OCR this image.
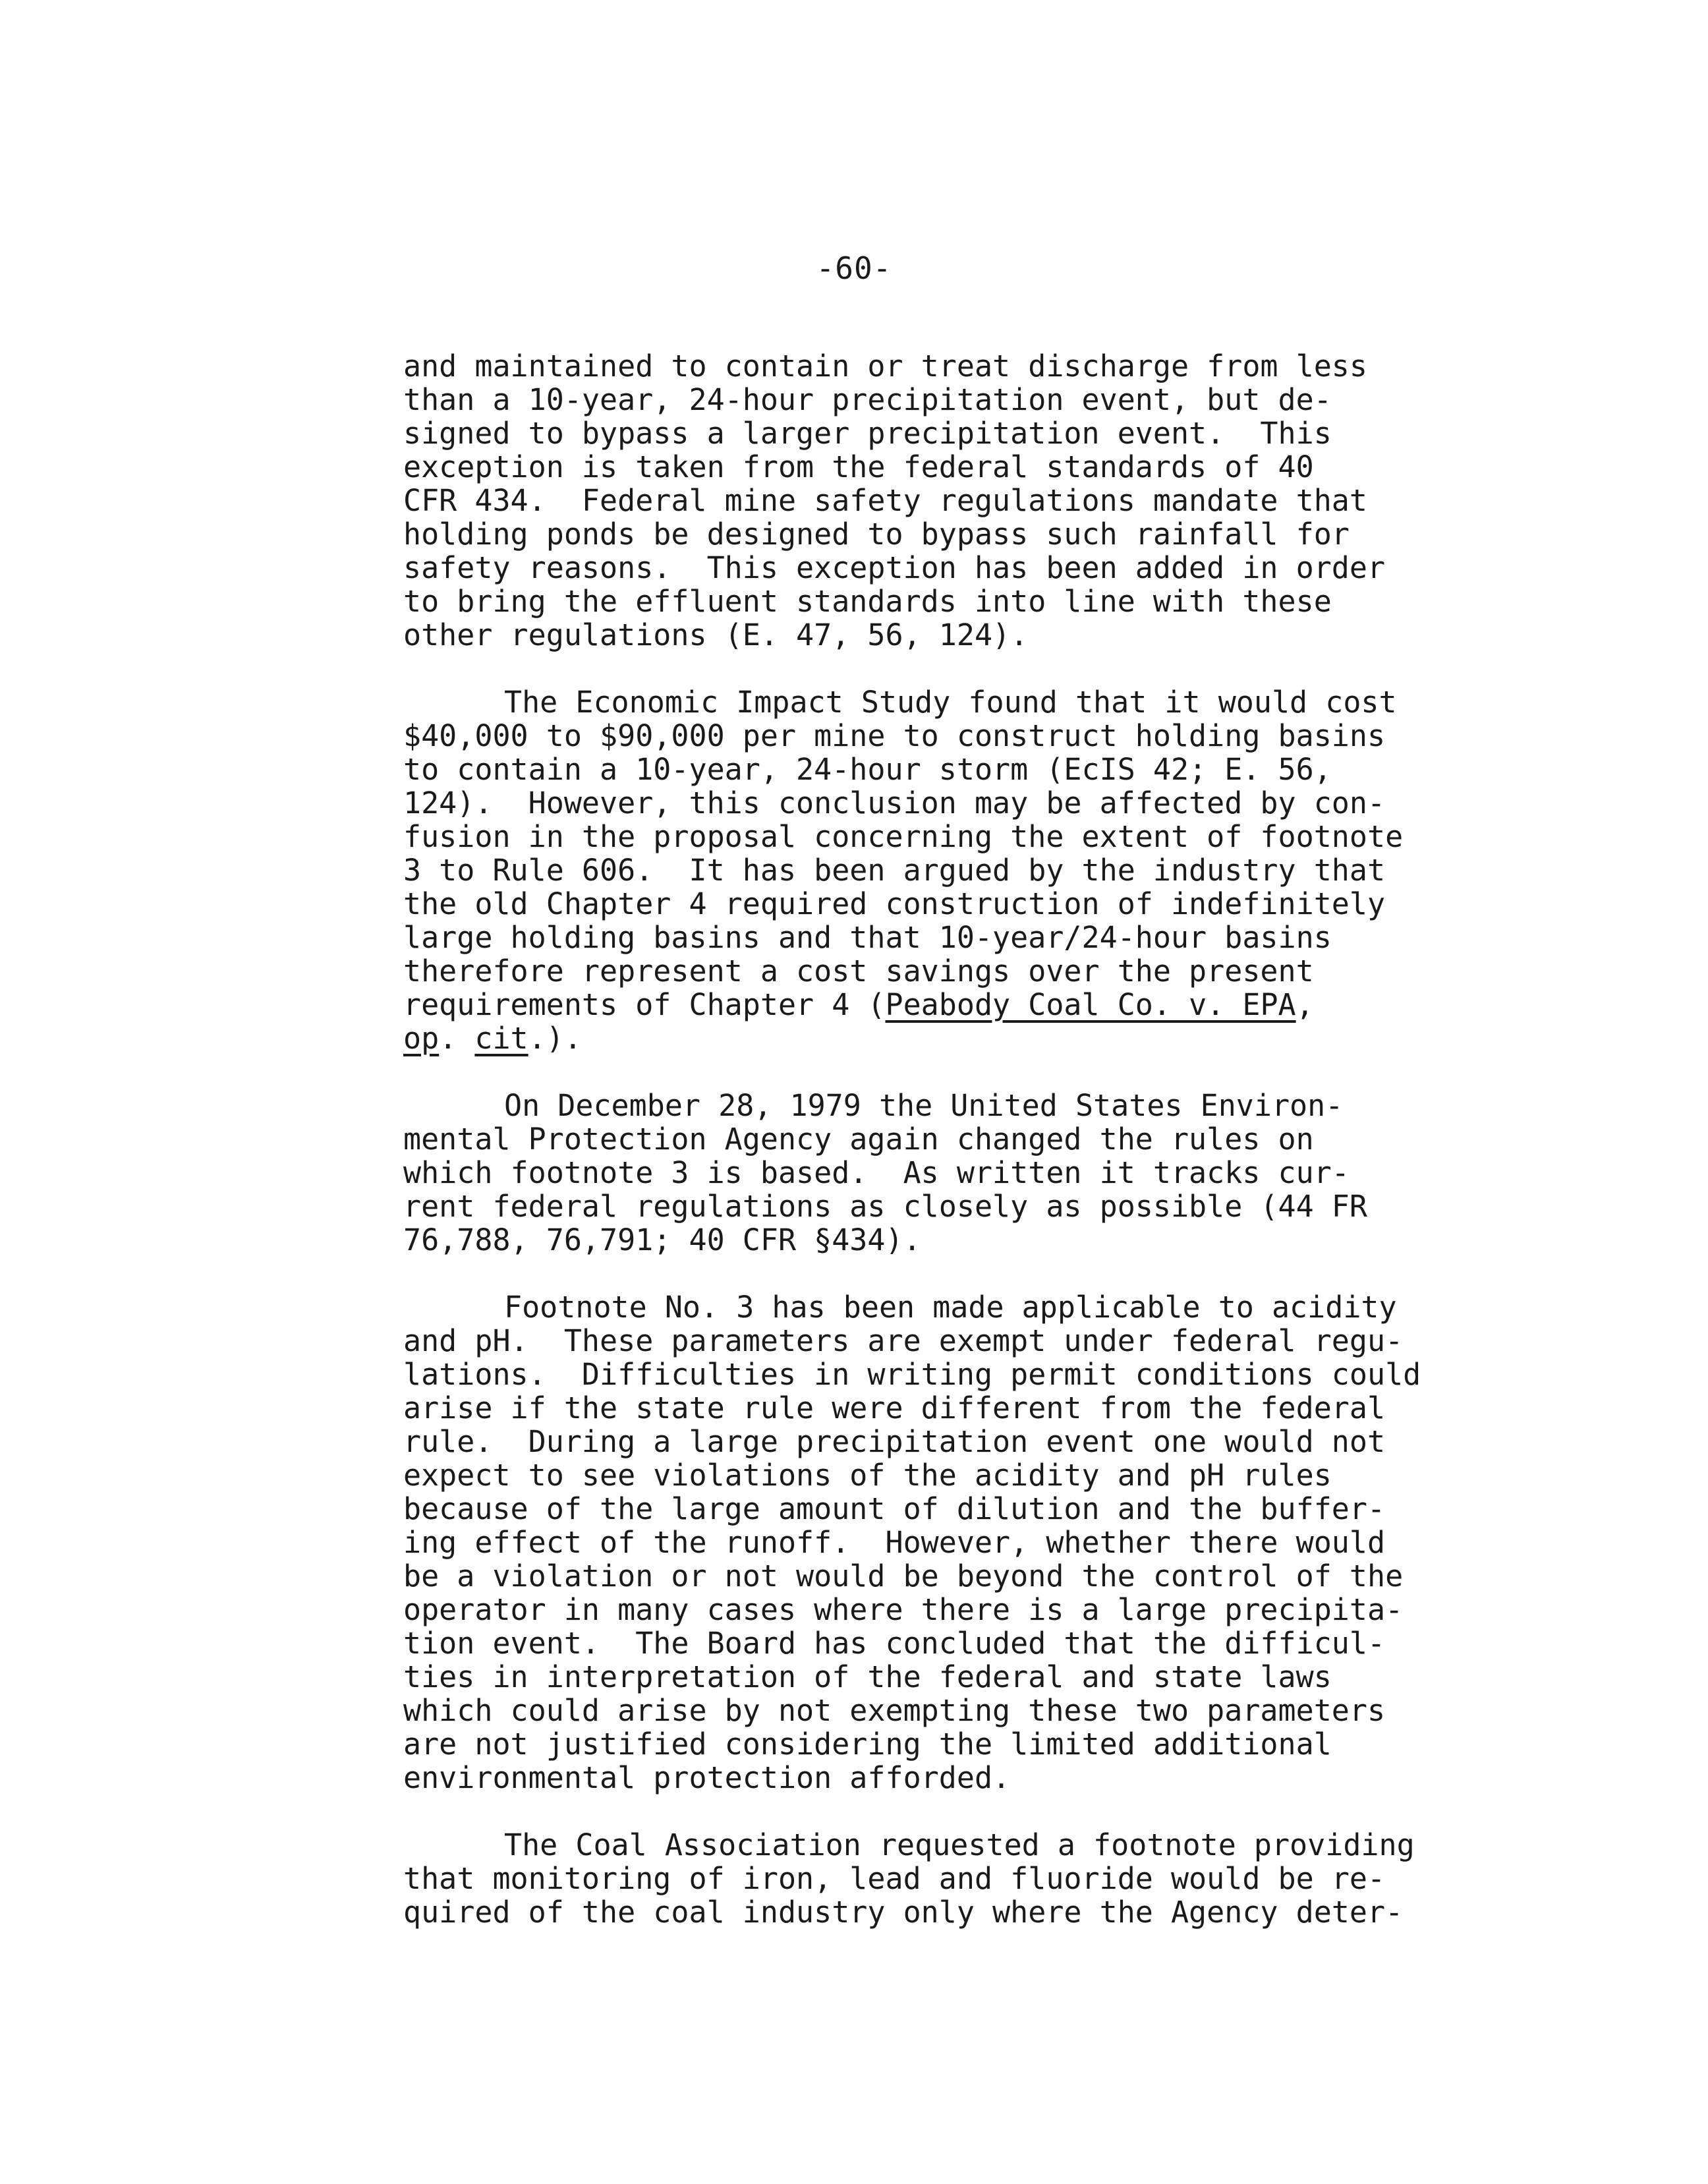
-60-
and maintained to contain or treat discharge from less
than a 10-year, 24-hour precipitation event, but de-
signed to bypass a larger precipitation event.  This
exception is taken from the federal standards of 40
CFR 434.  Federal mine safety regulations mandate that
holding ponds be designed to bypass such rainfall for
safety reasons.  This exception has been added in order
to bring the effluent standards into line with these
other regulations (E. 47, 56, 124).
The Economic Impact Study found that it would cost
$40,000 to $90,000 per mine to construct holding basins
to contain a 10-year, 24-hour storm (EcIS 42; E. 56,
124).  However, this conclusion may be affected by con-
fusion in the proposal concerning the extent of footnote
3 to Rule 606.  It has been argued by the industry that
the old Chapter 4 required construction of indefinitely
large holding basins and that 10-year/24-hour basins
therefore represent a cost savings over the present
requirements of Chapter 4 (Peabody Coal Co. v. EPA,
op. cit.).
On December 28, 1979 the United States Environ-
mental Protection Agency again changed the rules on
which footnote 3 is based.  As written it tracks cur-
rent federal regulations as closely as possible (44 FR
76,788, 76,791; 40 CFR §434).
Footnote No. 3 has been made applicable to acidity
and pH.  These parameters are exempt under federal regu-
lations.  Difficulties in writing permit conditions could
arise if the state rule were different from the federal
rule.  During a large precipitation event one would not
expect to see violations of the acidity and pH rules
because of the large amount of dilution and the buffer-
ing effect of the runoff.  However, whether there would
be a violation or not would be beyond the control of the
operator in many cases where there is a large precipita-
tion event.  The Board has concluded that the difficul-
ties in interpretation of the federal and state laws
which could arise by not exempting these two parameters
are not justified considering the limited additional
environmental protection afforded.
The Coal Association requested a footnote providing
that monitoring of iron, lead and fluoride would be re-
quired of the coal industry only where the Agency deter-
